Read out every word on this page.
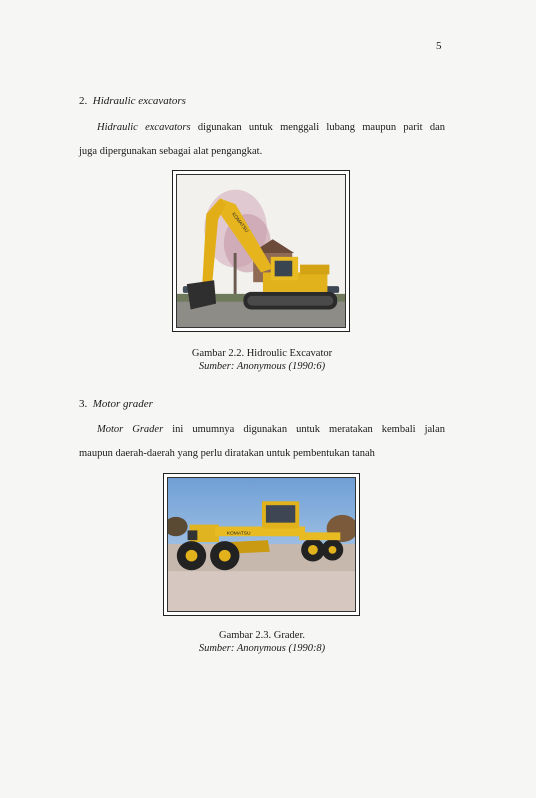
5
2. Hidraulic excavators
Hidraulic excavators digunakan untuk menggali lubang maupun parit dan
juga dipergunakan sebagai alat pengangkat.
KOMATSU
Gambar 2.2. Hidroulic Excavator
Sumber: Anonymous (1990:6)
3. Motor grader
Motor Grader ini umumnya digunakan untuk meratakan kembali jalan
maupun daerah-daerah yang perlu diratakan untuk pembentukan tanah
KOMATSU
Gambar 2.3. Grader.
Sumber: Anonymous (1990:8)
